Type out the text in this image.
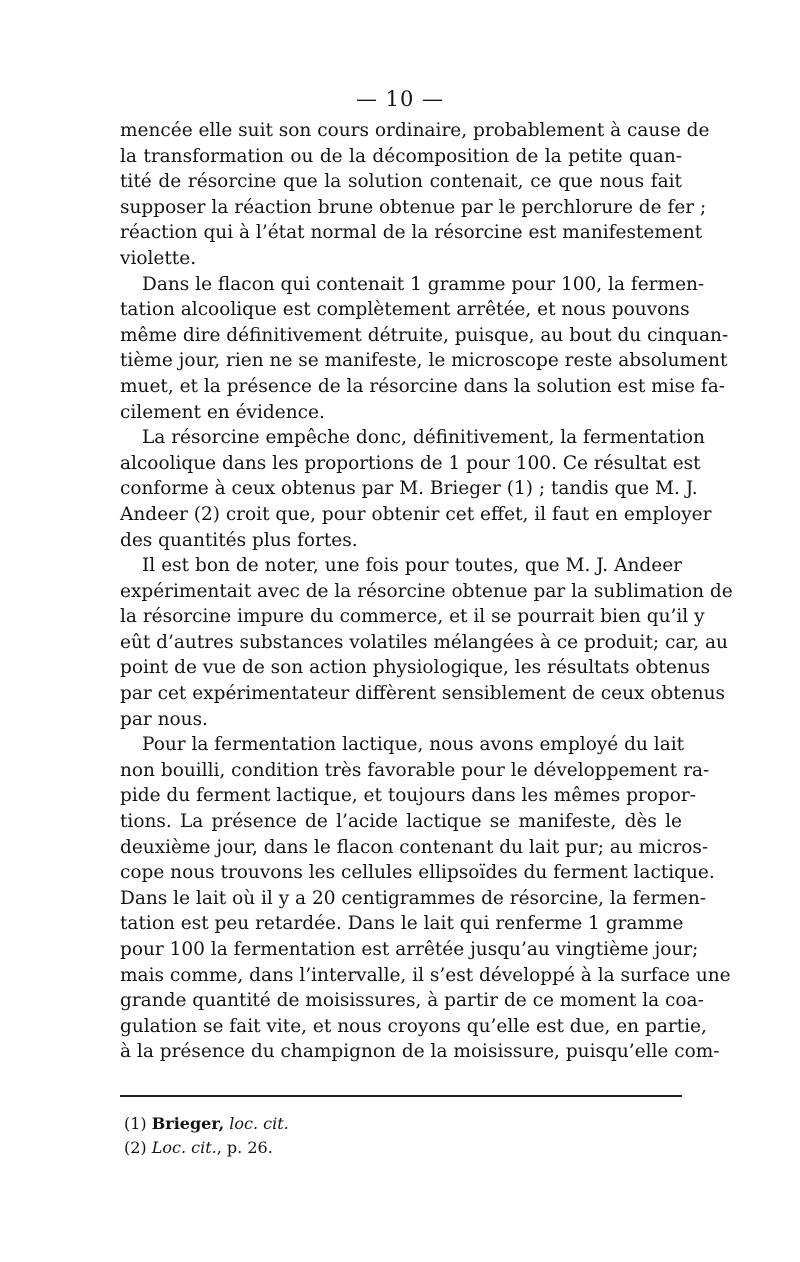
— 10 —

mencée elle suit son cours ordinaire, probablement à cause de
la transformation ou de la décomposition de la petite quan-
tité de résorcine que la solution contenait, ce que nous fait
supposer la réaction brune obtenue par le perchlorure de fer ;
réaction qui à l’état normal de la résorcine est manifestement
violette.

Dans le flacon qui contenait 1 gramme pour 100, la fermen-
tation alcoolique est complètement arrêtée, et nous pouvons
même dire définitivement détruite, puisque, au bout du cinquan-
tième jour, rien ne se manifeste, le microscope reste absolument
muet, et la présence de la résorcine dans la solution est mise fa-
cilement en évidence.

La résorcine empêche donc, définitivement, la fermentation
alcoolique dans les proportions de 1 pour 100. Ce résultat est
conforme à ceux obtenus par M. Brieger (1) ; tandis que M. J.
Andeer (2) croit que, pour obtenir cet effet, il faut en employer
des quantités plus fortes.

Il est bon de noter, une fois pour toutes, que M. J. Andeer
expérimentait avec de la résorcine obtenue par la sublimation de
la résorcine impure du commerce, et il se pourrait bien qu’il y
eût d’autres substances volatiles mélangées à ce produit; car, au
point de vue de son action physiologique, les résultats obtenus
par cet expérimentateur diffèrent sensiblement de ceux obtenus
par nous.

Pour la fermentation lactique, nous avons employé du lait
non bouilli, condition très favorable pour le développement ra-
pide du ferment lactique, et toujours dans les mêmes propor-
tions. La présence de l’acide lactique se manifeste, dès le
deuxième jour, dans le flacon contenant du lait pur; au micros-
cope nous trouvons les cellules ellipsoïdes du ferment lactique.
Dans le lait où il y a 20 centigrammes de résorcine, la fermen-
tation est peu retardée. Dans le lait qui renferme 1 gramme
pour 100 la fermentation est arrêtée jusqu’au vingtième jour;
mais comme, dans l’intervalle, il s’est développé à la surface une
grande quantité de moisissures, à partir de ce moment la coa-
gulation se fait vite, et nous croyons qu’elle est due, en partie,
à la présence du champignon de la moisissure, puisqu’elle com-

(1) Brieger, loc. cit.
(2) Loc. cit., p. 26.
